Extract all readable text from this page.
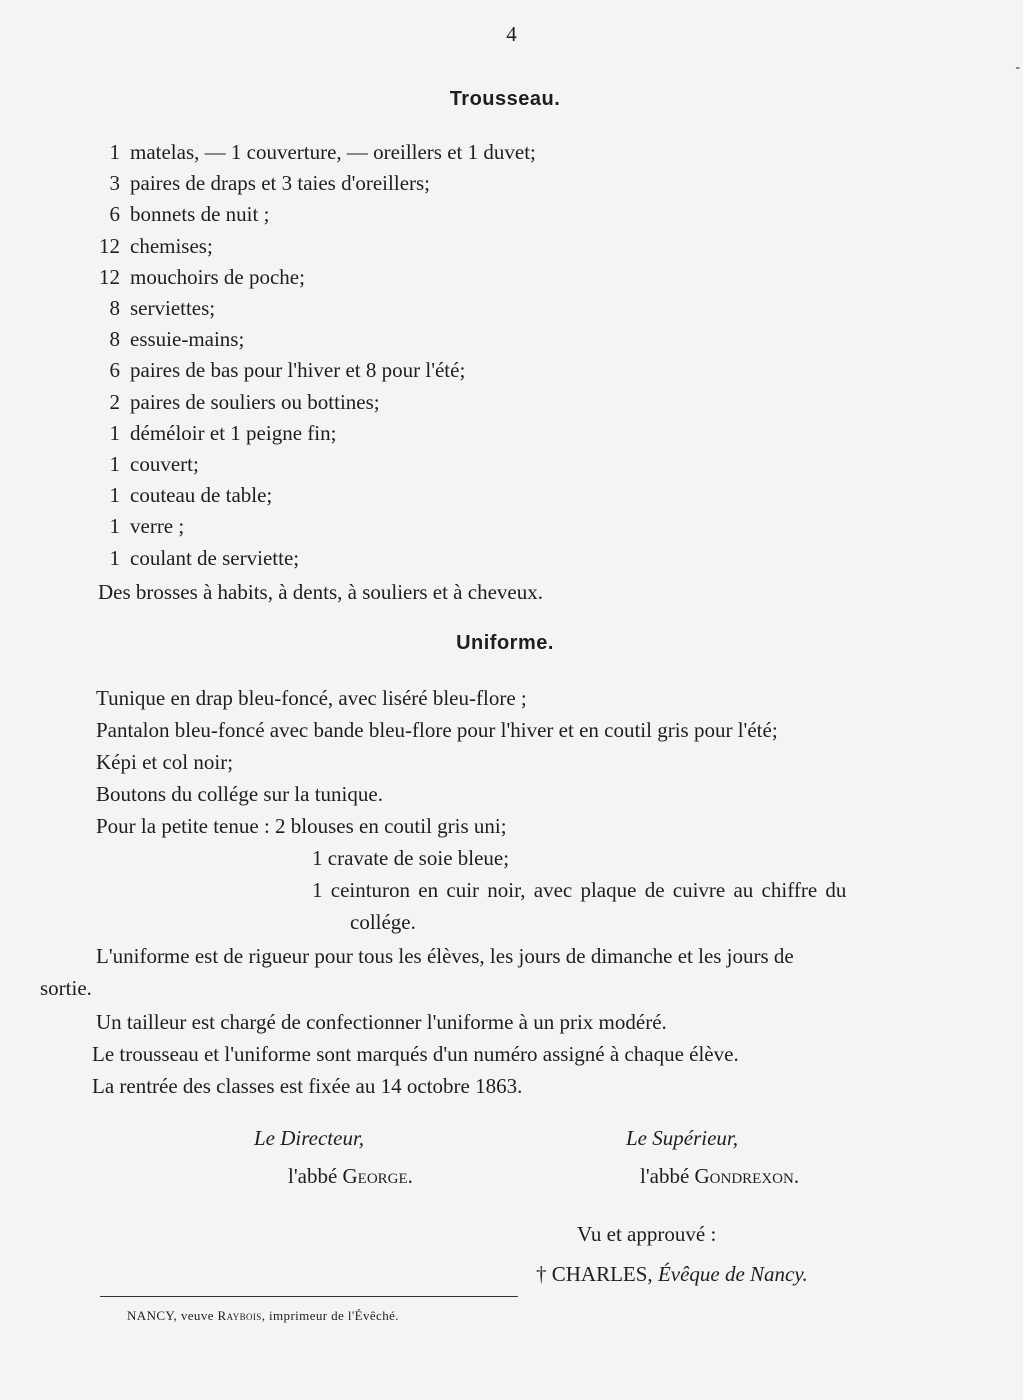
-
4
Trousseau.
1 matelas, — 1 couverture, — oreillers et 1 duvet;
3 paires de draps et 3 taies d'oreillers;
6 bonnets de nuit ;
12 chemises;
12 mouchoirs de poche;
8 serviettes;
8 essuie-mains;
6 paires de bas pour l'hiver et 8 pour l'été;
2 paires de souliers ou bottines;
1 déméloir et 1 peigne fin;
1 couvert;
1 couteau de table;
1 verre ;
1 coulant de serviette;
Des brosses à habits, à dents, à souliers et à cheveux.
Uniforme.
Tunique en drap bleu-foncé, avec liséré bleu-flore ;
Pantalon bleu-foncé avec bande bleu-flore pour l'hiver et en coutil gris pour l'été;
Képi et col noir;
Boutons du collége sur la tunique.
Pour la petite tenue : 2 blouses en coutil gris uni;
1 cravate de soie bleue;
1 ceinturon en cuir noir, avec plaque de cuivre au chiffre du
collége.
L'uniforme est de rigueur pour tous les élèves, les jours de dimanche et les jours de
sortie.
Un tailleur est chargé de confectionner l'uniforme à un prix modéré.
Le trousseau et l'uniforme sont marqués d'un numéro assigné à chaque élève.
La rentrée des classes est fixée au 14 octobre 1863.
Le Directeur,
l'abbé George.
Le Supérieur,
l'abbé Gondrexon.
Vu et approuvé :
† CHARLES, Évêque de Nancy.
NANCY, veuve Raybois, imprimeur de l'Évêché.
